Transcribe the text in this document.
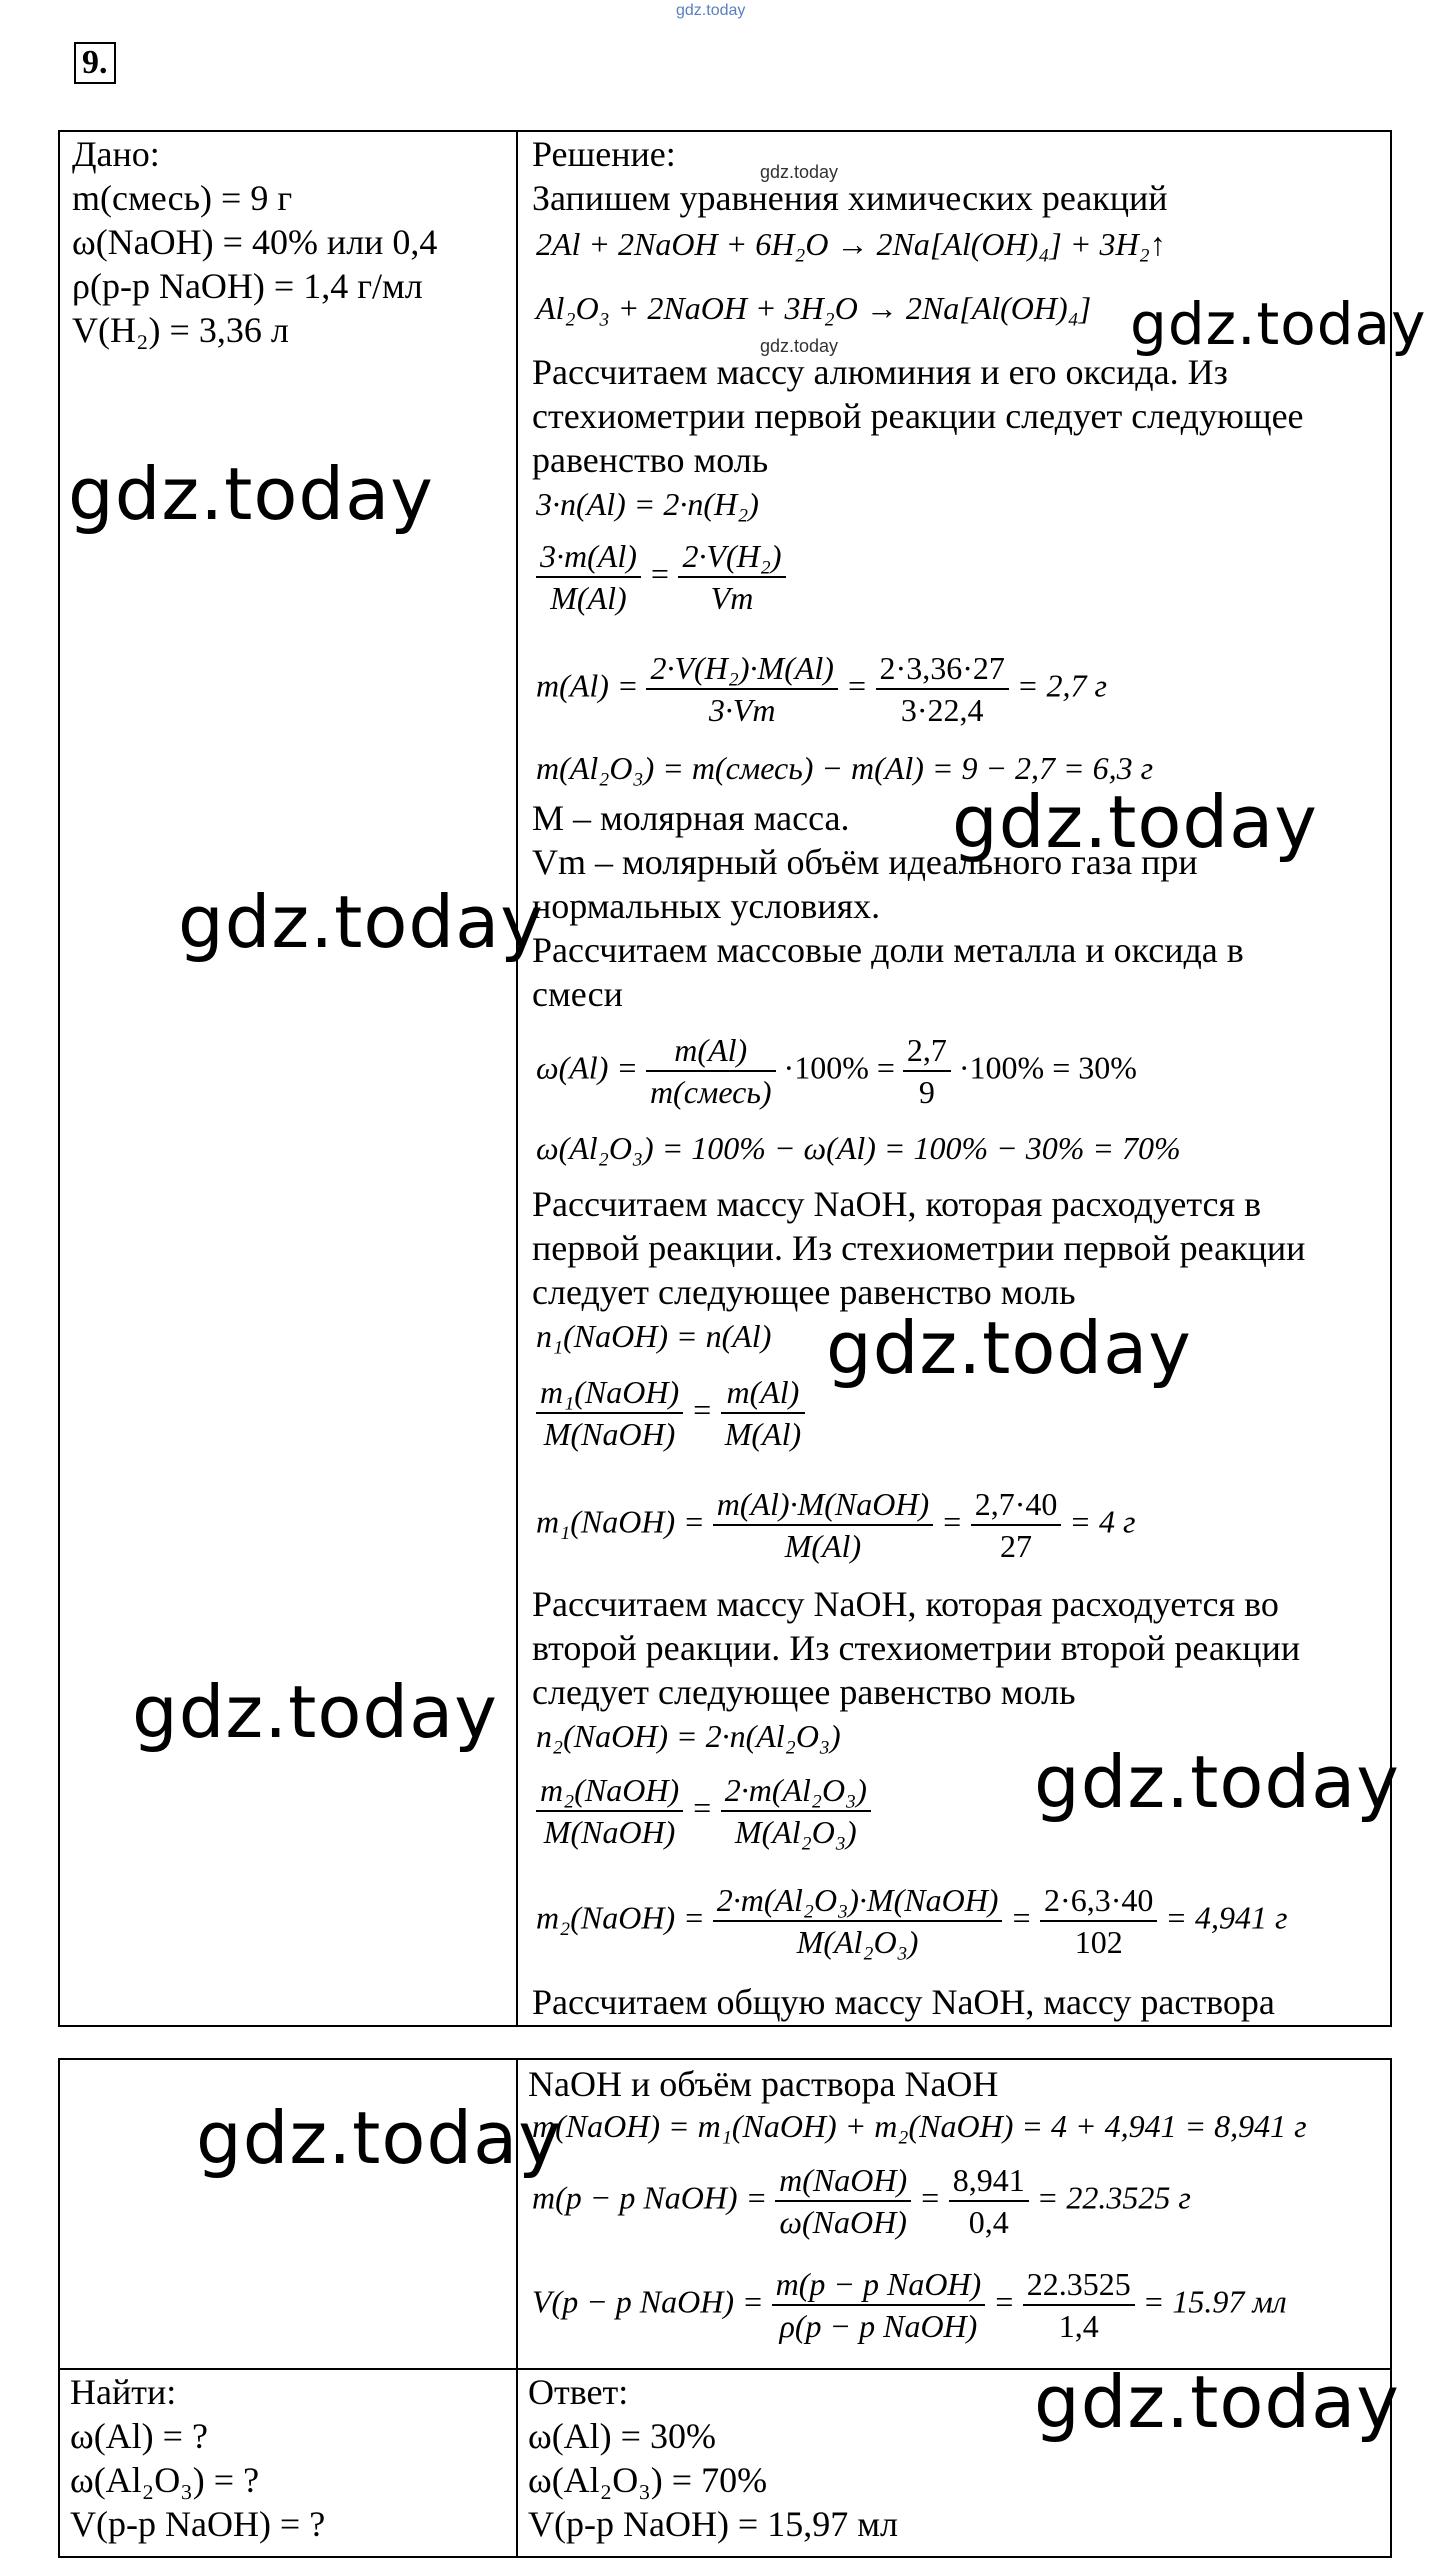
gdz.today
9.
Дано:
m(смесь) = 9 г
ω(NaOH) = 40% или 0,4
ρ(р-р NaOH) = 1,4 г/мл
V(H₂) = 3,36 л
Решение:	gdz.today
Запишем уравнения химических реакций
2Al + 2NaOH + 6H₂O → 2Na[Al(OH)₄] + 3H₂↑
Al₂O₃ + 2NaOH + 3H₂O → 2Na[Al(OH)₄]
gdz.today
Рассчитаем массу алюминия и его оксида. Из
стехиометрии первой реакции следует следующее
равенство моль
3·n(Al) = 2·n(H₂)
$\frac{3\cdot m(Al)}{M(Al)} = \frac{\text{2·V(H₂)}}{Vm}$
$m(Al) = \frac{\text{2·V(H₂)·M(Al)}}{3\cdot Vm} = \frac{2\cdot 3,36\cdot 27}{3\cdot 22,4} = 2,7$ г
m(Al₂O₃) = m(смесь) − m(Al) = 9 − 2,7 = 6,3 г
M – молярная масса.
Vm – молярный объём идеального газа при
нормальных условиях.
Рассчитаем массовые доли металла и оксида в
смеси
$\omega(Al) = \frac{m(Al)}{\text{m(смесь)}} \cdot 100\% = \frac{2,7}{9} \cdot 100\% = 30\%$
ω(Al₂O₃) = 100% − ω(Al) = 100% − 30% = 70%
Рассчитаем массу NaOH, которая расходуется в
первой реакции. Из стехиометрии первой реакции
следует следующее равенство моль
n₁(NaOH) = n(Al)
$\frac{\text{m₁(NaOH)}}{\text{M(NaOH)}} = \frac{m(Al)}{M(Al)}$
m₁(NaOH) = $\frac{\text{m(Al)·M(NaOH)}}{M(Al)} = \frac{2,7\cdot 40}{27} = 4$ г
Рассчитаем массу NaOH, которая расходуется во
второй реакции. Из стехиометрии второй реакции
следует следующее равенство моль
n₂(NaOH) = 2·n(Al₂O₃)
$\frac{\text{m₂(NaOH)}}{\text{M(NaOH)}} = \frac{\text{2·m(Al₂O₃)}}{\text{M(Al₂O₃)}}$
m₂(NaOH) = $\frac{\text{2·m(Al₂O₃)·M(NaOH)}}{\text{M(Al₂O₃)}} = \frac{2\cdot 6,3\cdot 40}{102} = 4,941$ г
Рассчитаем общую массу NaOH, массу раствора
NaOH и объём раствора NaOH
m(NaOH) = m₁(NaOH) + m₂(NaOH) = 4 + 4,941 = 8,941 г
m(p − p NaOH) = $\frac{\text{m(NaOH)}}{\text{ω(NaOH)}} = \frac{8,941}{0,4} = 22.3525$ г
V(p − p NaOH) = $\frac{\text{m(p − p NaOH)}}{\text{ρ(p − p NaOH)}} = \frac{22.3525}{1,4} = 15.97$ мл
Найти:
ω(Al) = ?
ω(Al₂O₃) = ?
V(р-р NaOH) = ?
Ответ:
ω(Al) = 30%
ω(Al₂O₃) = 70%
V(р-р NaOH) = 15,97 мл
gdz.today
gdz.today
gdz.today
gdz.today
gdz.today
gdz.today
gdz.today
gdz.today
gdz.today
